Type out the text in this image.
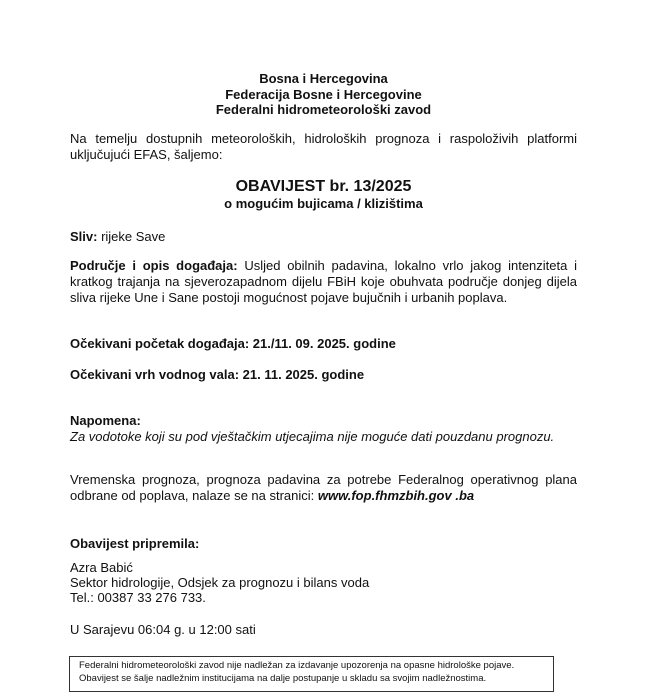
Bosna i Hercegovina
Federacija Bosne i Hercegovine
Federalni hidrometeorološki zavod
Na temelju dostupnih meteoroloških, hidroloških prognoza i raspoloživih platformi uključujući EFAS, šaljemo:
OBAVIJEST br. 13/2025
o mogućim bujicama / klizištima
Sliv: rijeke Save
Područje i opis događaja: Usljed obilnih padavina, lokalno vrlo jakog intenziteta i kratkog trajanja na sjeverozapadnom dijelu FBiH koje obuhvata područje donjeg dijela sliva rijeke Une i Sane postoji mogućnost pojave bujučnih i urbanih poplava.
Očekivani početak događaja: 21./11. 09. 2025. godine
Očekivani vrh vodnog vala: 21. 11. 2025. godine
Napomena:
Za vodotoke koji su pod vještačkim utjecajima nije moguće dati pouzdanu prognozu.
Vremenska prognoza, prognoza padavina za potrebe Federalnog operativnog plana odbrane od poplava, nalaze se na stranici: www.fop.fhmzbih.gov .ba
Obavijest pripremila:
Azra Babić
Sektor hidrologije, Odsjek za prognozu i bilans voda
Tel.: 00387 33 276 733.
U Sarajevu 06:04 g. u 12:00 sati
Federalni hidrometeorološki zavod nije nadležan za izdavanje upozorenja na opasne hidrološke pojave.
Obavijest se šalje nadležnim institucijama na dalje postupanje u skladu sa svojim nadležnostima.
